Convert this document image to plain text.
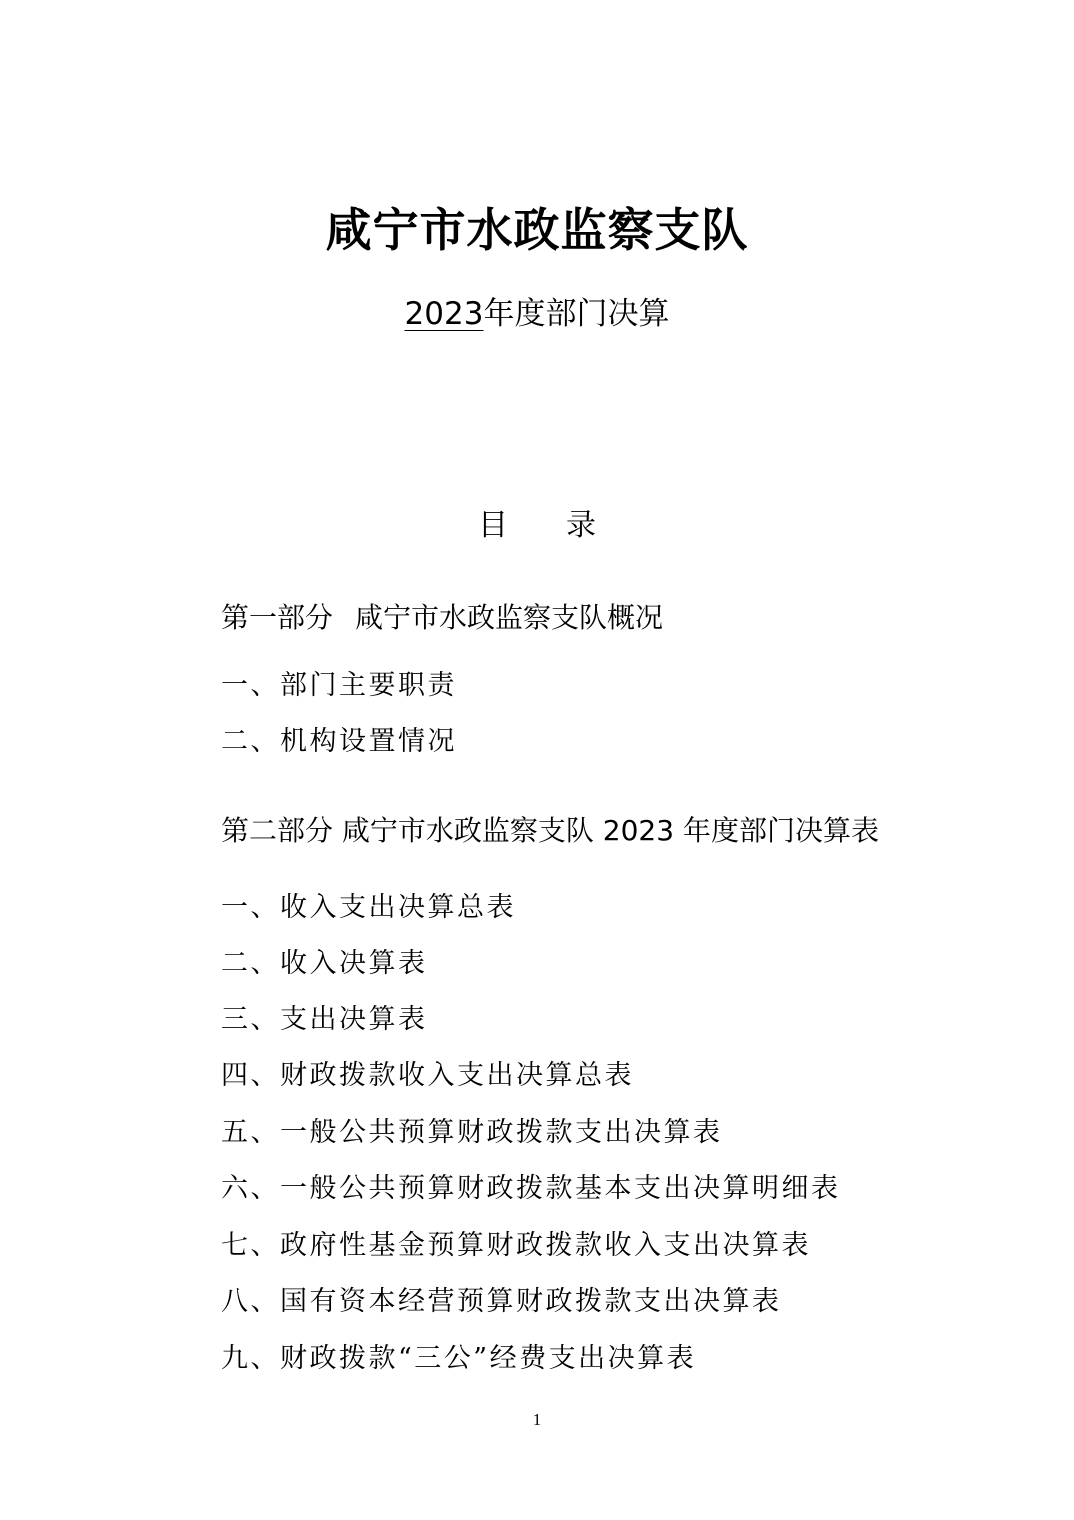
咸宁市水政监察支队
2023年度部门决算
目 录
第一部分 咸宁市水政监察支队概况
一、部门主要职责
二、机构设置情况
第二部分 咸宁市水政监察支队 2023 年度部门决算表
一、收入支出决算总表
二、收入决算表
三、支出决算表
四、财政拨款收入支出决算总表
五、一般公共预算财政拨款支出决算表
六、一般公共预算财政拨款基本支出决算明细表
七、政府性基金预算财政拨款收入支出决算表
八、国有资本经营预算财政拨款支出决算表
九、财政拨款“三公”经费支出决算表
1
